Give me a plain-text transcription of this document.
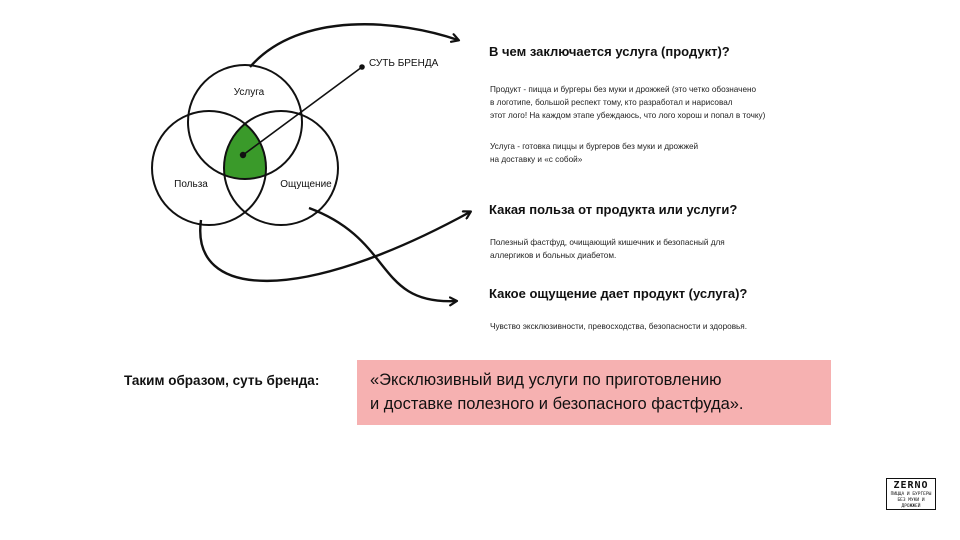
Услуга
Польза	Ощущение
СУТЬ БРЕНДА
В чем заключается услуга (продукт)?
Продукт - пицца и бургеры без муки и дрожжей (это четко обозначено
в логотипе, большой респект тому, кто разработал и нарисовал
этот лого! На каждом этапе убеждаюсь, что лого хорош и попал в точку)
Услуга - готовка пиццы и бургеров без муки и дрожжей
на доставку и «с собой»
Какая польза от продукта или услуги?
Полезный фастфуд, очищающий кишечник и безопасный для
аллергиков и больных диабетом.
Какое ощущение дает продукт (услуга)?
Чувство эксклюзивности, превосходства, безопасности и здоровья.
Таким образом, суть бренда:	«Эксклюзивный вид услуги по приготовлению
и доставке полезного и безопасного фастфуда».
ZERNO
ПИЦЦА И БУРГЕРЫ
БЕЗ МУКИ И ДРОЖЖЕЙ
